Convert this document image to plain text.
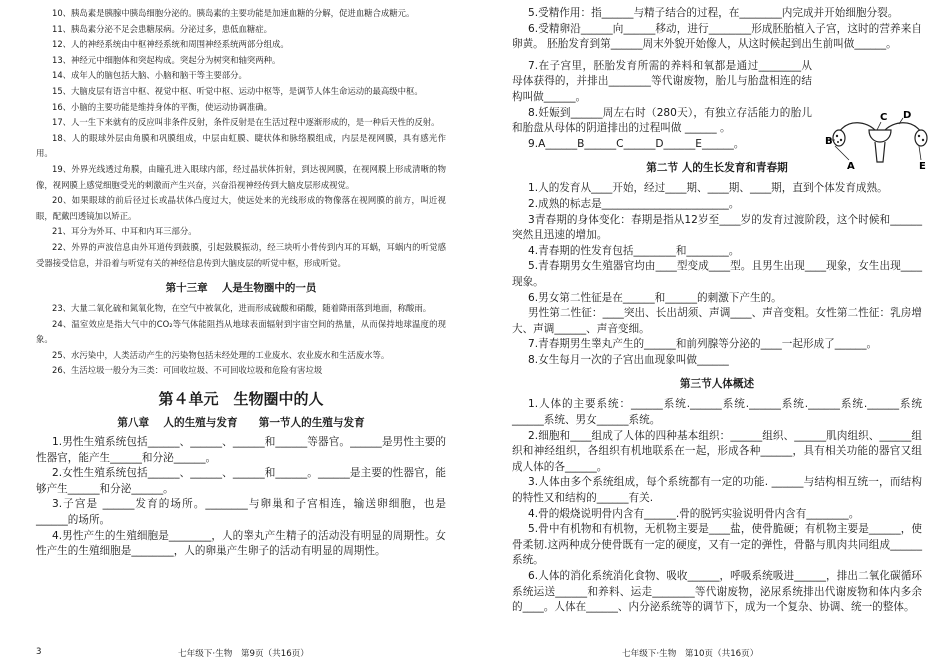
10、胰岛素是胰腺中胰岛细胞分泌的。胰岛素的主要功能是加速血糖的分解，促进血糖合成糖元。

11、胰岛素分泌不足会患糖尿病。分泌过多，患低血糖症。

12、人的神经系统由中枢神经系统和周围神经系统两部分组成。

13、神经元中细胞体和突起构成。突起分为树突和轴突两种。

14、成年人的脑包括大脑、小脑和脑干等主要部分。

15、大脑皮层有语言中枢、视觉中枢、听觉中枢、运动中枢等，是调节人体生命运动的最高级中枢。

16、小脑的主要功能是维持身体的平衡，使运动协调准确。

17、人一生下来就有的反应叫非条件反射，条件反射是在生活过程中逐渐形成的，是一种后天性的反射。

18、人的眼球外层由角膜和巩膜组成，中层由虹膜、睫状体和脉络膜组成，内层是视网膜，具有感光作用。

19、外界光线透过角膜，由瞳孔进入眼球内部，经过晶状体折射，到达视网膜，在视网膜上形成清晰的物像，视网膜上感觉细胞受光的刺激而产生兴奋，兴奋沿视神经传到大脑皮层形成视觉。

20、如果眼球的前后径过长或晶状体凸度过大，使远处来的光线形成的物像落在视网膜的前方，叫近视眼，配戴凹透镜加以矫正。

21、耳分为外耳、中耳和内耳三部分。

22、外界的声波信息由外耳道传到鼓膜，引起鼓膜振动，经三块听小骨传到内耳的耳蜗，耳蜗内的听觉感受器接受信息，并沿着与听觉有关的神经信息传到大脑皮层的听觉中枢，形成听觉。

第十三章　 人是生物圈中的一员

23、大量二氧化硫和氮氧化物，在空气中被氧化，进而形成硫酸和硝酸，随着降雨落到地面，称酸雨。

24、温室效应是指大气中的CO₂等气体能阻挡从地球表面辐射到宇宙空间的热量，从而保持地球温度的现象。

25、水污染中，人类活动产生的污染物包括未经处理的工业废水、农业废水和生活废水等。

26、生活垃圾一般分为三类：可回收垃圾、不可回收垃圾和危险有害垃圾

第４单元　生物圈中的人
第八章　 人的生殖与发育　　第一节人的生殖与发育

1.男性生殖系统包括______、______、______和______等器官。______是男性主要的性器官，能产生______和分泌______。

2.女性生殖系统包括______、______、______和______。______是主要的性器官，能够产生______和分泌______。

3.子宫是 ______发育的场所。________与卵巢和子宫相连，输送卵细胞，也是______的场所。

4.男性产生的生殖细胞是________，人的睾丸产生精子的活动没有明显的周期性。女性产生的生殖细胞是________，人的卵巢产生卵子的活动有明显的周期性。

3	七年级下·生物　第9页（共16页）

5.受精作用：指______与精子结合的过程，在________内完成并开始细胞分裂。

6.受精卵沿______向______移动，进行________形成胚胎植入子宫，这时的营养来自卵黄。 胚胎发育到第______周末外貌开始像人，从这时候起到出生前叫做______。

7.在子宫里，胚胎发育所需的养料和氧都是通过________从母体获得的，并排出________等代谢废物，胎儿与胎盘相连的结构叫做______。

8.妊娠到______周左右时（280天），有独立存活能力的胎儿和胎盘从母体的阴道排出的过程叫做 ______ 。

9.A______B______C______D______E______。

第二节 人的生长发育和青春期

1.人的发育从____开始，经过____期、____期、____期，直到个体发育成熟。

2.成熟的标志是________________________。

3青春期的身体变化：春期是指从12岁至____岁的发育过渡阶段，这个时候和______突然且迅速的增加。

4.青春期的性发育包括________和________。

5.青春期男女生殖器官均由____型变成____型。且男生出现____现象，女生出现____现象。

6.男女第二性征是在______和______的刺激下产生的。

男性第二性征：____突出、长出胡须、声调____、声音变粗。女性第二性征：乳房增大、声调______、声音变细。

7.青春期男生睾丸产生的______和前列腺等分泌的____一起形成了______。

8.女生每月一次的子宫出血现象叫做______

第三节人体概述

1.人体的主要系统：______系统.______系统.______系统.______系统.______系统______系统、男女______系统。

2.细胞和____组成了人体的四种基本组织：______组织、______肌肉组织、______组织和神经组织，各组织有机地联系在一起，形成各种______，具有相关功能的器官又组成人体的各______。

3.人体由多个系统组成，每个系统都有一定的功能. ______与结构相互统一，而结构的特性又和结构的______有关.

4.骨的煅烧说明骨内含有______.骨的脱钙实验说明骨内含有________。

5.骨中有机物和有机物，无机物主要是____盐，使骨脆硬；有机物主要是______，使骨柔韧.这两种成分使骨既有一定的硬度，又有一定的弹性，骨骼与肌肉共同组成______系统。

6.人体的消化系统消化食物、吸收______，呼吸系统吸进______，排出二氧化碳循环系统运送______和养料、运走________等代谢废物，泌尿系统排出代谢废物和体内多余的____。人体在______、内分泌系统等的调节下，成为一个复杂、协调、统一的整体。

七年级下·生物　第10页（共16页）
B
A
C D
E
